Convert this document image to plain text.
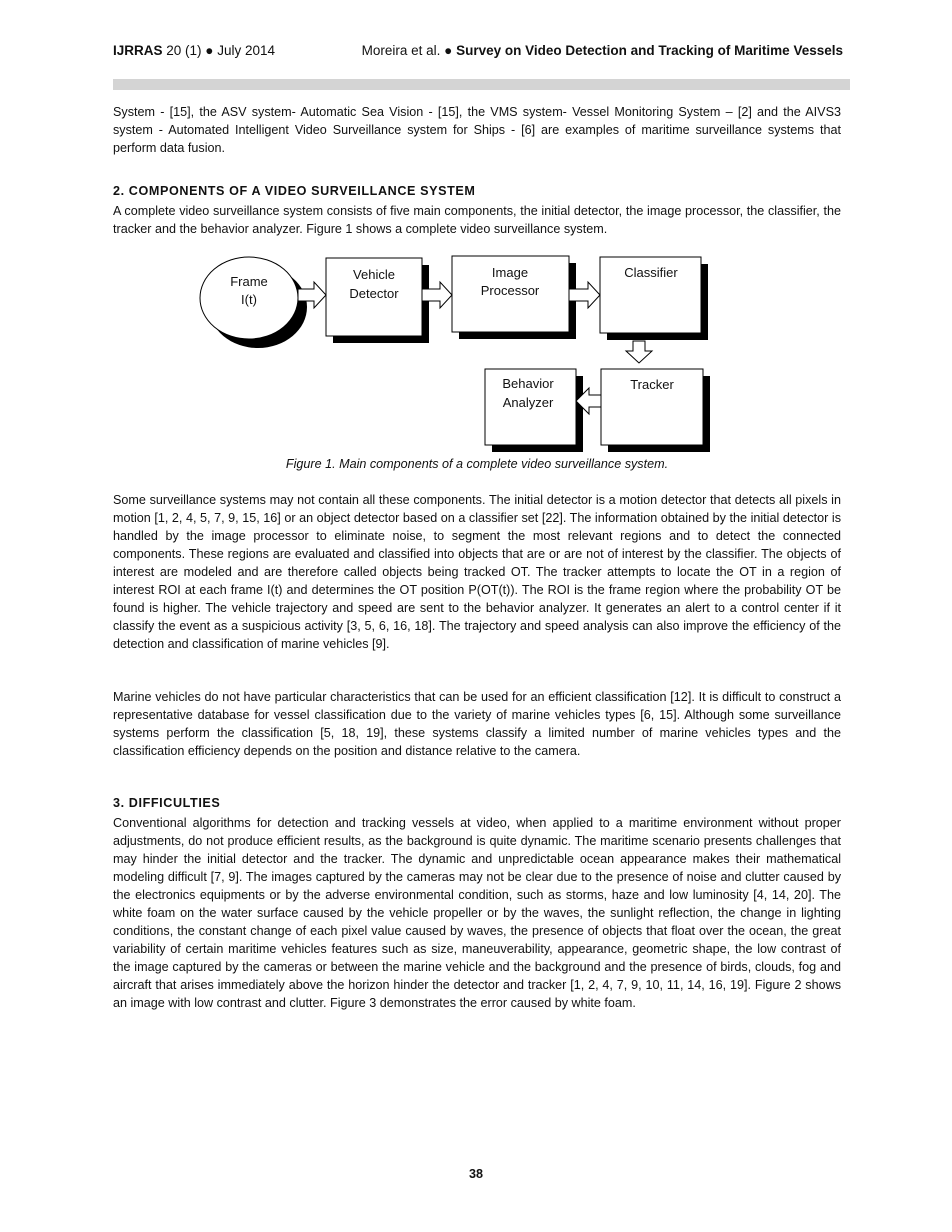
IJRRAS 20 (1) ● July 2014	Moreira et al. ● Survey on Video Detection and Tracking of Maritime Vessels

System - [15], the ASV system- Automatic Sea Vision - [15], the VMS system- Vessel Monitoring System – [2] and the AIVS3 system - Automated Intelligent Video Surveillance system for Ships - [6] are examples of maritime surveillance systems that perform data fusion.

2. COMPONENTS OF A VIDEO SURVEILLANCE SYSTEM

A complete video surveillance system consists of five main components, the initial detector, the image processor, the classifier, the tracker and the behavior analyzer. Figure 1 shows a complete video surveillance system.

Frame
I(t)
Vehicle
Detector
Image
Processor
Classifier
Tracker
Behavior
Analyzer
Figure 1. Main components of a complete video surveillance system.

Some surveillance systems may not contain all these components. The initial detector is a motion detector that detects all pixels in motion [1, 2, 4, 5, 7, 9, 15, 16] or an object detector based on a classifier set [22]. The information obtained by the initial detector is handled by the image processor to eliminate noise, to segment the most relevant regions and to detect the connected components. These regions are evaluated and classified into objects that are or are not of interest by the classifier. The objects of interest are modeled and are therefore called objects being tracked OT. The tracker attempts to locate the OT in a region of interest ROI at each frame I(t) and determines the OT position P(OT(t)). The ROI is the frame region where the probability OT be found is higher. The vehicle trajectory and speed are sent to the behavior analyzer. It generates an alert to a control center if it classify the event as a suspicious activity [3, 5, 6, 16, 18]. The trajectory and speed analysis can also improve the efficiency of the detection and classification of marine vehicles [9].

Marine vehicles do not have particular characteristics that can be used for an efficient classification [12]. It is difficult to construct a representative database for vessel classification due to the variety of marine vehicles types [6, 15]. Although some surveillance systems perform the classification [5, 18, 19], these systems classify a limited number of marine vehicles types and the classification efficiency depends on the position and distance relative to the camera.

3. DIFFICULTIES

Conventional algorithms for detection and tracking vessels at video, when applied to a maritime environment without proper adjustments, do not produce efficient results, as the background is quite dynamic. The maritime scenario presents challenges that may hinder the initial detector and the tracker. The dynamic and unpredictable ocean appearance makes their mathematical modeling difficult [7, 9]. The images captured by the cameras may not be clear due to the presence of noise and clutter caused by the electronics equipments or by the adverse environmental condition, such as storms, haze and low luminosity [4, 14, 20]. The white foam on the water surface caused by the vehicle propeller or by the waves, the sunlight reflection, the change in lighting conditions, the constant change of each pixel value caused by waves, the presence of objects that float over the ocean, the great variability of certain maritime vehicles features such as size, maneuverability, appearance, geometric shape, the low contrast of the image captured by the cameras or between the marine vehicle and the background and the presence of birds, clouds, fog and aircraft that arises immediately above the horizon hinder the detector and tracker [1, 2, 4, 7, 9, 10, 11, 14, 16, 19]. Figure 2 shows an image with low contrast and clutter. Figure 3 demonstrates the error caused by white foam.

38
